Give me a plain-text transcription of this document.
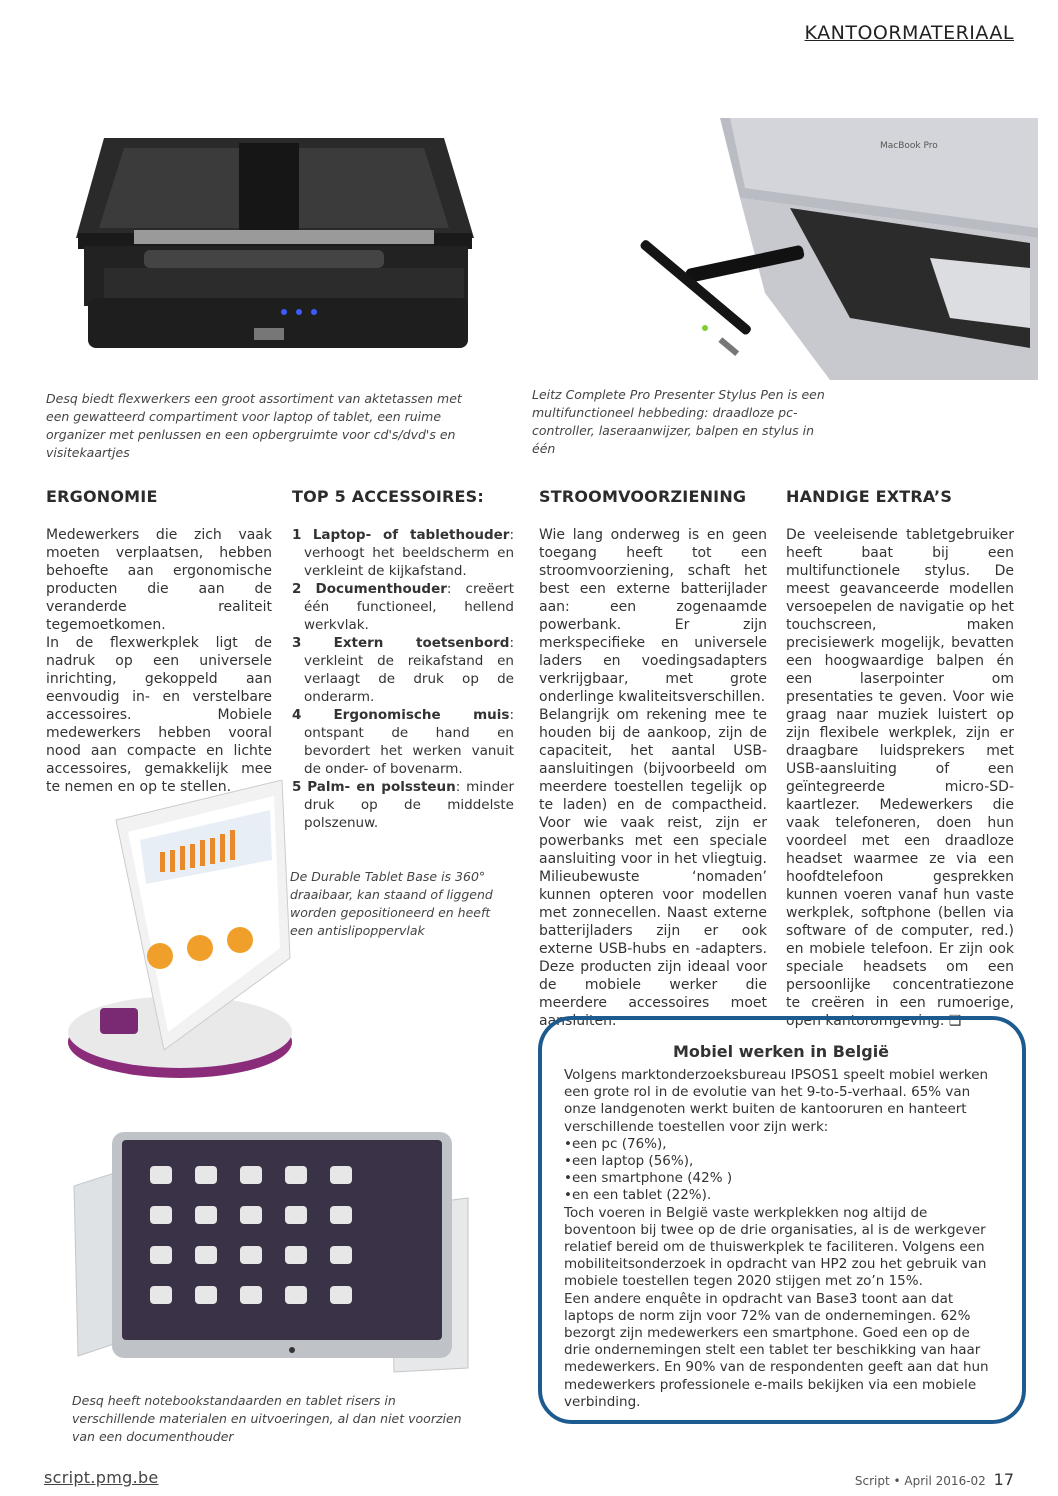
KANTOORMATERIAAL
Desq biedt flexwerkers een groot assortiment van aktetassen met een gewatteerd compartiment voor laptop of tablet, een ruime organizer met penlussen en een opbergruimte voor cd's/dvd's en visitekaartjes
MacBook Pro
Leitz Complete Pro Presenter Stylus Pen is een multifunctioneel hebbeding: draadloze pc-controller, laseraanwijzer, balpen en stylus in één
ERGONOMIE

Medewerkers die zich vaak moeten verplaatsen, hebben behoefte aan ergonomische producten die aan de veranderde realiteit tegemoetkomen.

In de flexwerkplek ligt de nadruk op een universele inrichting, gekoppeld aan eenvoudig in- en verstelbare accessoires. Mobiele medewerkers hebben vooral nood aan compacte en lichte accessoires, gemakkelijk mee te nemen en op te stellen.

TOP 5 ACCESSOIRES:
1 Laptop- of tablethouder: verhoogt het beeldscherm en verkleint de kijkafstand.
2 Documenthouder: creëert één functioneel, hellend werkvlak.
3 Extern toetsenbord: verkleint de reikafstand en verlaagt de druk op de onderarm.
4 Ergonomische muis: ontspant de hand en bevordert het werken vanuit de onder- of bovenarm.
5 Palm- en polssteun: minder druk op de middelste polszenuw.
STROOMVOORZIENING

Wie lang onderweg is en geen toegang heeft tot een stroomvoorziening, schaft het best een externe batterijlader aan: een zogenaamde powerbank. Er zijn merkspecifieke en universele laders en voedingsadapters verkrijgbaar, met grote onderlinge kwaliteitsverschillen.

Belangrijk om rekening mee te houden bij de aankoop, zijn de capaciteit, het aantal USB-aansluitingen (bijvoorbeeld om meerdere toestellen tegelijk op te laden) en de compactheid. Voor wie vaak reist, zijn er powerbanks met een speciale aansluiting voor in het vliegtuig. Milieubewuste ‘nomaden’ kunnen opteren voor modellen met zonnecellen. Naast externe batterijladers zijn er ook externe USB-hubs en -adapters. Deze producten zijn ideaal voor de mobiele werker die meerdere accessoires moet aansluiten.

HANDIGE EXTRA’S

De veeleisende tabletgebruiker heeft baat bij een multifunctionele stylus. De meest geavanceerde modellen versoepelen de navigatie op het touchscreen, maken precisiewerk mogelijk, bevatten een hoogwaardige balpen én een laserpointer om presentaties te geven. Voor wie graag naar muziek luistert op zijn flexibele werkplek, zijn er draagbare luidsprekers met USB-aansluiting of een geïntegreerde micro-SD-kaartlezer. Medewerkers die vaak telefoneren, doen hun voordeel met een draadloze headset waarmee ze via een hoofdtelefoon gesprekken kunnen voeren vanaf hun vaste werkplek, softphone (bellen via software of de computer, red.) en mobiele telefoon. Er zijn ook speciale headsets om een persoonlijke concentratiezone te creëren in een rumoerige, open kantoromgeving. ❑

De Durable Tablet Base is 360° draaibaar, kan staand of liggend worden gepositioneerd en heeft een antislipoppervlak
Desq heeft notebookstandaarden en tablet risers in verschillende materialen en uitvoeringen, al dan niet voorzien van een documenthouder
Mobiel werken in België

Volgens marktonderzoeksbureau IPSOS1 speelt mobiel werken een grote rol in de evolutie van het 9-to-5-verhaal. 65% van onze landgenoten werkt buiten de kantooruren en hanteert verschillende toestellen voor zijn werk:

• een pc (76%),
• een laptop (56%),
• een smartphone (42% )
• en een tablet (22%).

Toch voeren in België vaste werkplekken nog altijd de boventoon bij twee op de drie organisaties, al is de werkgever relatief bereid om de thuiswerkplek te faciliteren. Volgens een mobiliteitsonderzoek in opdracht van HP2 zou het gebruik van mobiele toestellen tegen 2020 stijgen met zo’n 15%.

Een andere enquête in opdracht van Base3 toont aan dat laptops de norm zijn voor 72% van de ondernemingen. 62% bezorgt zijn medewerkers een smartphone. Goed een op de drie ondernemingen stelt een tablet ter beschikking van haar medewerkers. En 90% van de respondenten geeft aan dat hun medewerkers professionele e-mails bekijken via een mobiele verbinding.

script.pmg.be	Script • April 2016-02 17
